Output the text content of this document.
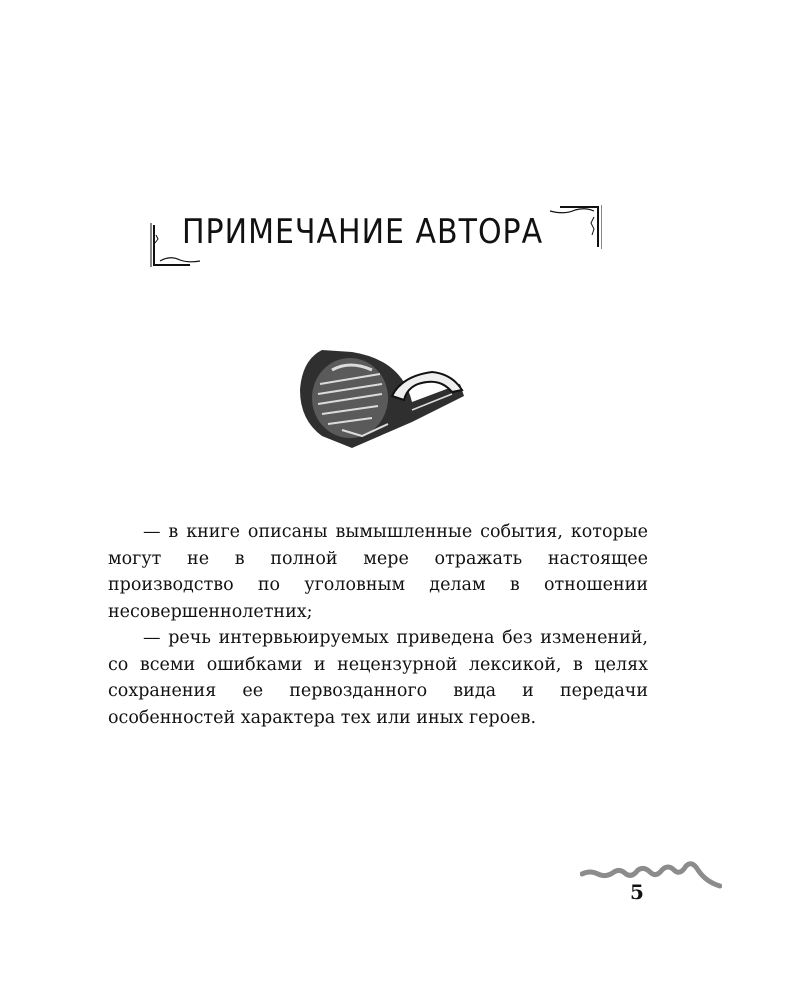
ПРИМЕЧАНИЕ АВТОРА

— в книге описаны вымышленные события, которые могут не в полной мере отражать настоящее производство по уголовным делам в отношении несовершеннолетних;

— речь интервьюируемых приведена без изменений, со всеми ошибками и нецензурной лексикой, в целях сохранения ее первозданного вида и передачи особенностей характера тех или иных героев.

5
